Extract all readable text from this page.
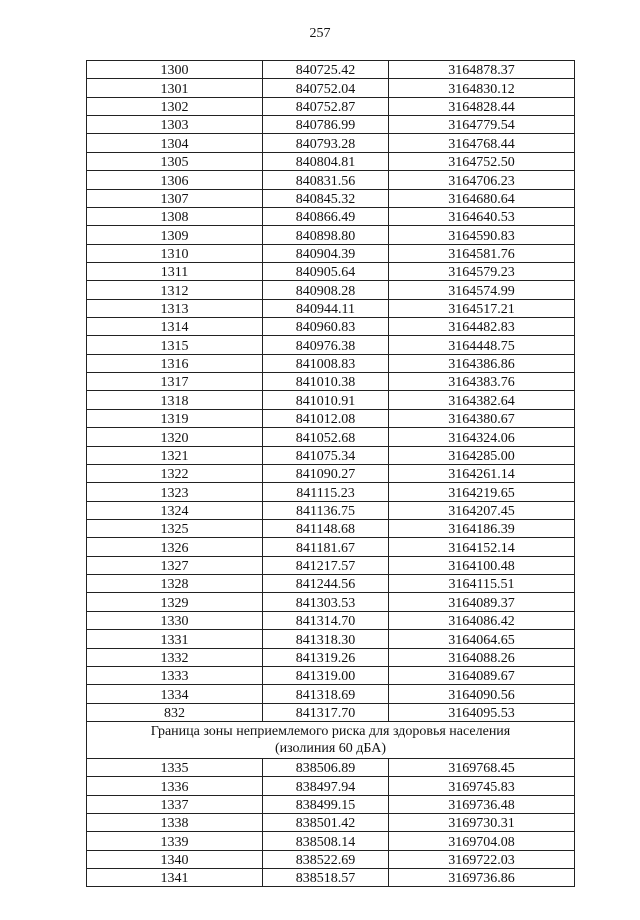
257
1300	840725.42	3164878.37
1301	840752.04	3164830.12
1302	840752.87	3164828.44
1303	840786.99	3164779.54
1304	840793.28	3164768.44
1305	840804.81	3164752.50
1306	840831.56	3164706.23
1307	840845.32	3164680.64
1308	840866.49	3164640.53
1309	840898.80	3164590.83
1310	840904.39	3164581.76
1311	840905.64	3164579.23
1312	840908.28	3164574.99
1313	840944.11	3164517.21
1314	840960.83	3164482.83
1315	840976.38	3164448.75
1316	841008.83	3164386.86
1317	841010.38	3164383.76
1318	841010.91	3164382.64
1319	841012.08	3164380.67
1320	841052.68	3164324.06
1321	841075.34	3164285.00
1322	841090.27	3164261.14
1323	841115.23	3164219.65
1324	841136.75	3164207.45
1325	841148.68	3164186.39
1326	841181.67	3164152.14
1327	841217.57	3164100.48
1328	841244.56	3164115.51
1329	841303.53	3164089.37
1330	841314.70	3164086.42
1331	841318.30	3164064.65
1332	841319.26	3164088.26
1333	841319.00	3164089.67
1334	841318.69	3164090.56
832	841317.70	3164095.53
Граница зоны неприемлемого риска для здоровья населения
(изолиния 60 дБА)		
1335	838506.89	3169768.45
1336	838497.94	3169745.83
1337	838499.15	3169736.48
1338	838501.42	3169730.31
1339	838508.14	3169704.08
1340	838522.69	3169722.03
1341	838518.57	3169736.86
